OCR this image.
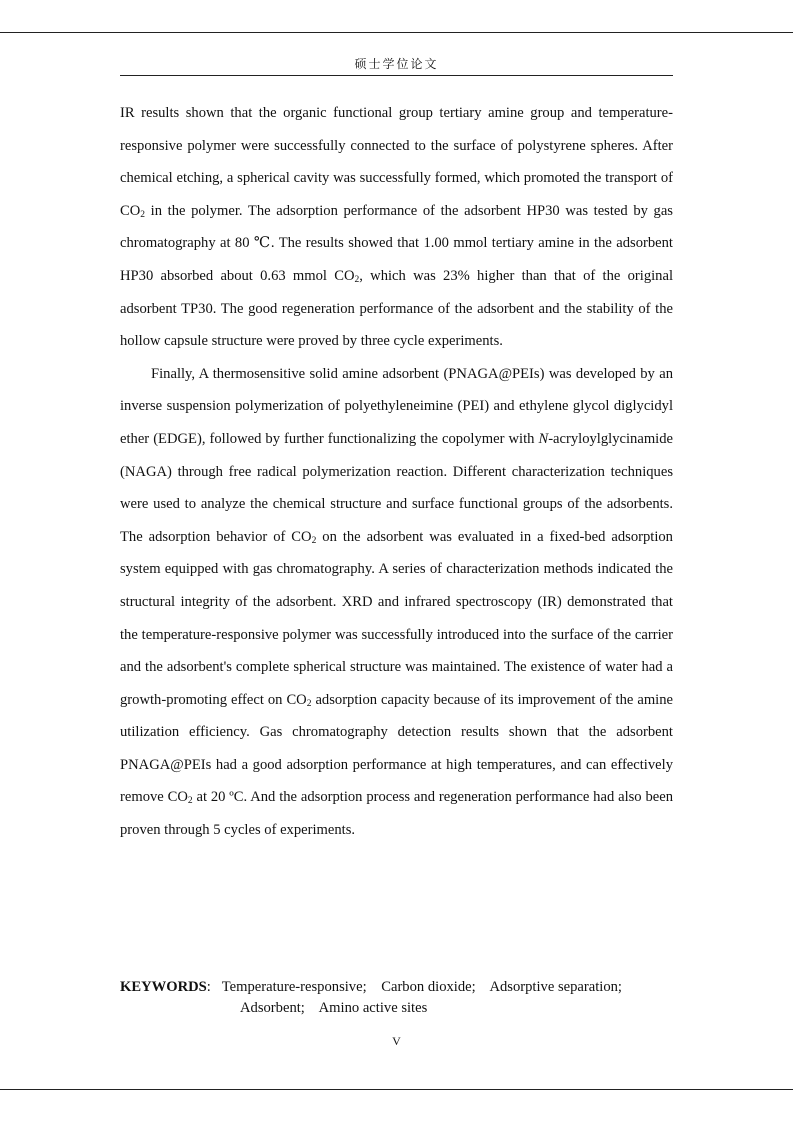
硕士学位论文

IR results shown that the organic functional group tertiary amine group and temperature-responsive polymer were successfully connected to the surface of polystyrene spheres. After chemical etching, a spherical cavity was successfully formed, which promoted the transport of $CO_2$ in the polymer. The adsorption performance of the adsorbent HP30 was tested by gas chromatography at 80 ℃. The results showed that 1.00 mmol tertiary amine in the adsorbent HP30 absorbed about 0.63 mmol $CO_2$, which was 23% higher than that of the original adsorbent TP30. The good regeneration performance of the adsorbent and the stability of the hollow capsule structure were proved by three cycle experiments.

Finally, A thermosensitive solid amine adsorbent (PNAGA@PEIs) was developed by an inverse suspension polymerization of polyethyleneimine (PEI) and ethylene glycol diglycidyl ether (EDGE), followed by further functionalizing the copolymer with N-acryloylglycinamide (NAGA) through free radical polymerization reaction. Different characterization techniques were used to analyze the chemical structure and surface functional groups of the adsorbents. The adsorption behavior of $CO_2$ on the adsorbent was evaluated in a fixed-bed adsorption system equipped with gas chromatography. A series of characterization methods indicated the structural integrity of the adsorbent. XRD and infrared spectroscopy (IR) demonstrated that the temperature-responsive polymer was successfully introduced into the surface of the carrier and the adsorbent's complete spherical structure was maintained. The existence of water had a growth-promoting effect on $CO_2$ adsorption capacity because of its improvement of the amine utilization efficiency. Gas chromatography detection results shown that the adsorbent PNAGA@PEIs had a good adsorption performance at high temperatures, and can effectively remove $CO_2$ at 20 ºC. And the adsorption process and regeneration performance had also been proven through 5 cycles of experiments.

KEYWORDS: Temperature-responsive;    Carbon dioxide;    Adsorptive separation;
Adsorbent;    Amino active sites
V
